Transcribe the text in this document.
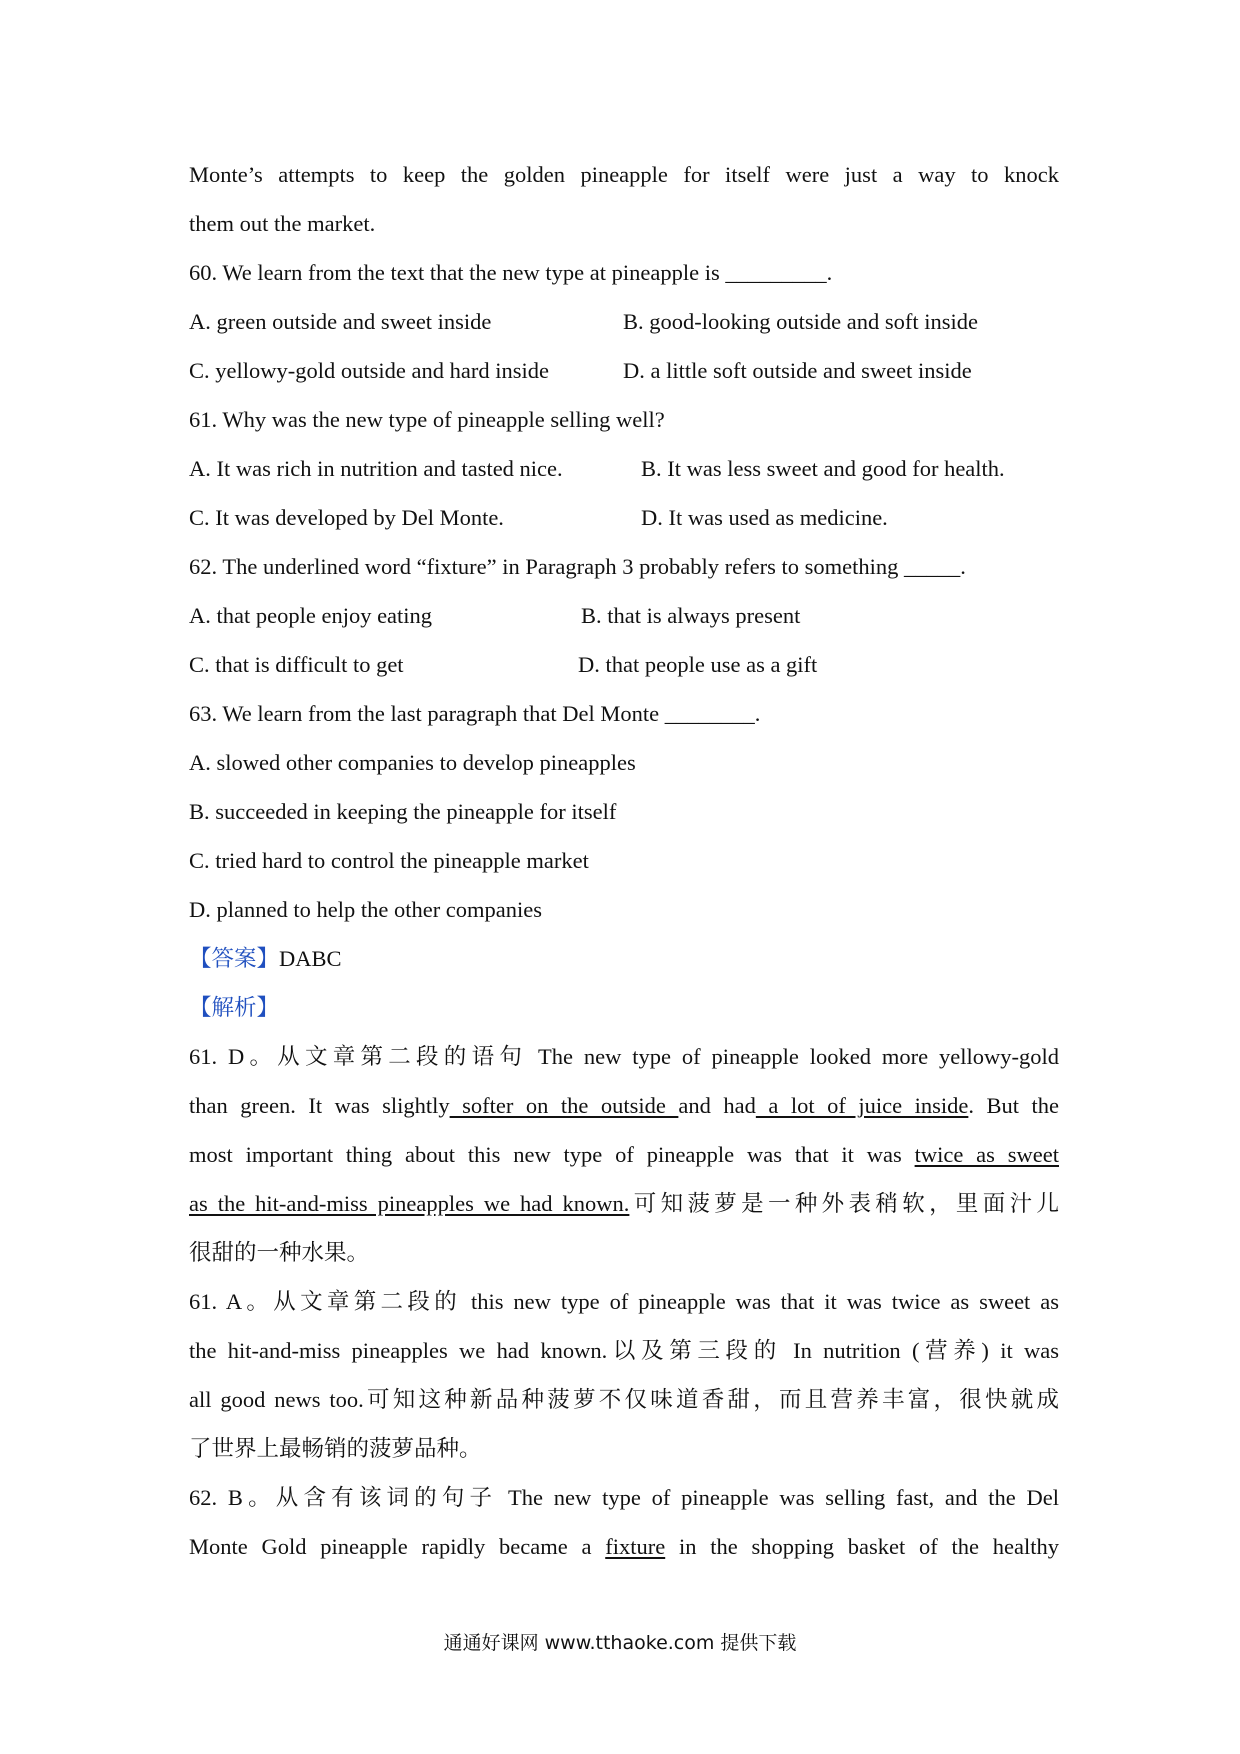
Monte’s attempts to keep the golden pineapple for itself were just a way to knock
them out the market.
60. We learn from the text that the new type at pineapple is _________.
A. green outside and sweet inside	B. good-looking outside and soft inside
C. yellowy-gold outside and hard inside	D. a little soft outside and sweet inside
61. Why was the new type of pineapple selling well?
A. It was rich in nutrition and tasted nice.	B. It was less sweet and good for health.
C. It was developed by Del Monte.	D. It was used as medicine.
62. The underlined word “fixture” in Paragraph 3 probably refers to something _____.
A. that people enjoy eating	B. that is always present
C. that is difficult to get	D. that people use as a gift
63. We learn from the last paragraph that Del Monte ________.
A. slowed other companies to develop pineapples
B. succeeded in keeping the pineapple for itself
C. tried hard to control the pineapple market
D. planned to help the other companies
【答案】DABC
【解析】
61. D。从文章第二段的语句 The new type of pineapple looked more yellowy-gold
than green. It was slightly softer on the outside and had a lot of juice inside. But the
most important thing about this new type of pineapple was that it was twice as sweet
as the hit-and-miss pineapples we had known.可知菠萝是一种外表稍软，里面汁儿
很甜的一种水果。
61. A。从文章第二段的 this new type of pineapple was that it was twice as sweet as
the hit-and-miss pineapples we had known.以及第三段的 In nutrition (营养) it was
all good news too.可知这种新品种菠萝不仅味道香甜，而且营养丰富，很快就成
了世界上最畅销的菠萝品种。
62. B。从含有该词的句子 The new type of pineapple was selling fast, and the Del
Monte Gold pineapple rapidly became a fixture in the shopping basket of the healthy
通通好课网 www.tthaoke.com 提供下载
